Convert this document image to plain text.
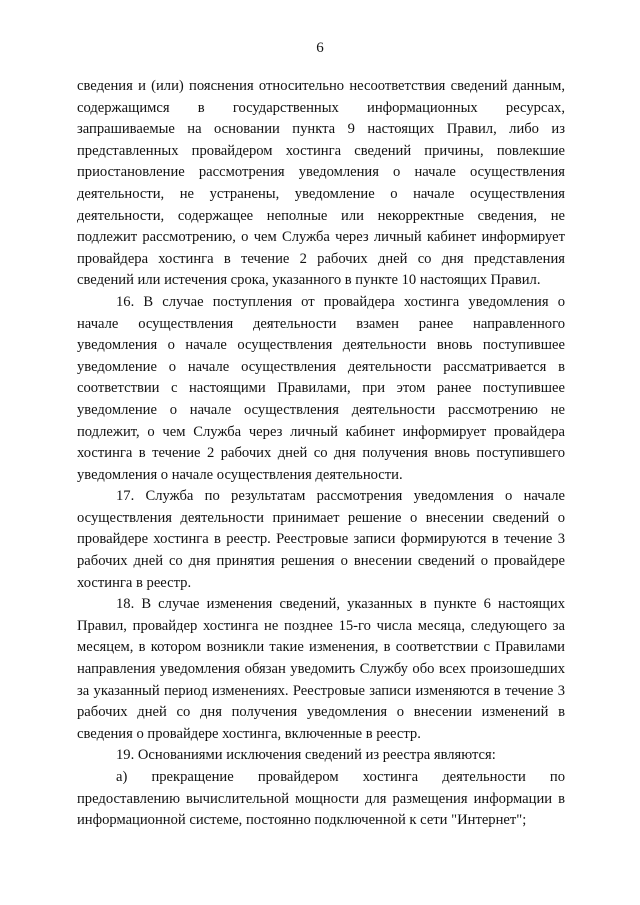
6

сведения и (или) пояснения относительно несоответствия сведений данным, содержащимся в государственных информационных ресурсах, запрашиваемые на основании пункта 9 настоящих Правил, либо из представленных провайдером хостинга сведений причины, повлекшие приостановление рассмотрения уведомления о начале осуществления деятельности, не устранены, уведомление о начале осуществления деятельности, содержащее неполные или некорректные сведения, не подлежит рассмотрению, о чем Служба через личный кабинет информирует провайдера хостинга в течение 2 рабочих дней со дня представления сведений или истечения срока, указанного в пункте 10 настоящих Правил.

16. В случае поступления от провайдера хостинга уведомления о начале осуществления деятельности взамен ранее направленного уведомления о начале осуществления деятельности вновь поступившее уведомление о начале осуществления деятельности рассматривается в соответствии с настоящими Правилами, при этом ранее поступившее уведомление о начале осуществления деятельности рассмотрению не подлежит, о чем Служба через личный кабинет информирует провайдера хостинга в течение 2 рабочих дней со дня получения вновь поступившего уведомления о начале осуществления деятельности.

17. Служба по результатам рассмотрения уведомления о начале осуществления деятельности принимает решение о внесении сведений о провайдере хостинга в реестр. Реестровые записи формируются в течение 3 рабочих дней со дня принятия решения о внесении сведений о провайдере хостинга в реестр.

18. В случае изменения сведений, указанных в пункте 6 настоящих Правил, провайдер хостинга не позднее 15-го числа месяца, следующего за месяцем, в котором возникли такие изменения, в соответствии с Правилами направления уведомления обязан уведомить Службу обо всех произошедших за указанный период изменениях. Реестровые записи изменяются в течение 3 рабочих дней со дня получения уведомления о внесении изменений в сведения о провайдере хостинга, включенные в реестр.

19. Основаниями исключения сведений из реестра являются:

а) прекращение провайдером хостинга деятельности по предоставлению вычислительной мощности для размещения информации в информационной системе, постоянно подключенной к сети "Интернет";
